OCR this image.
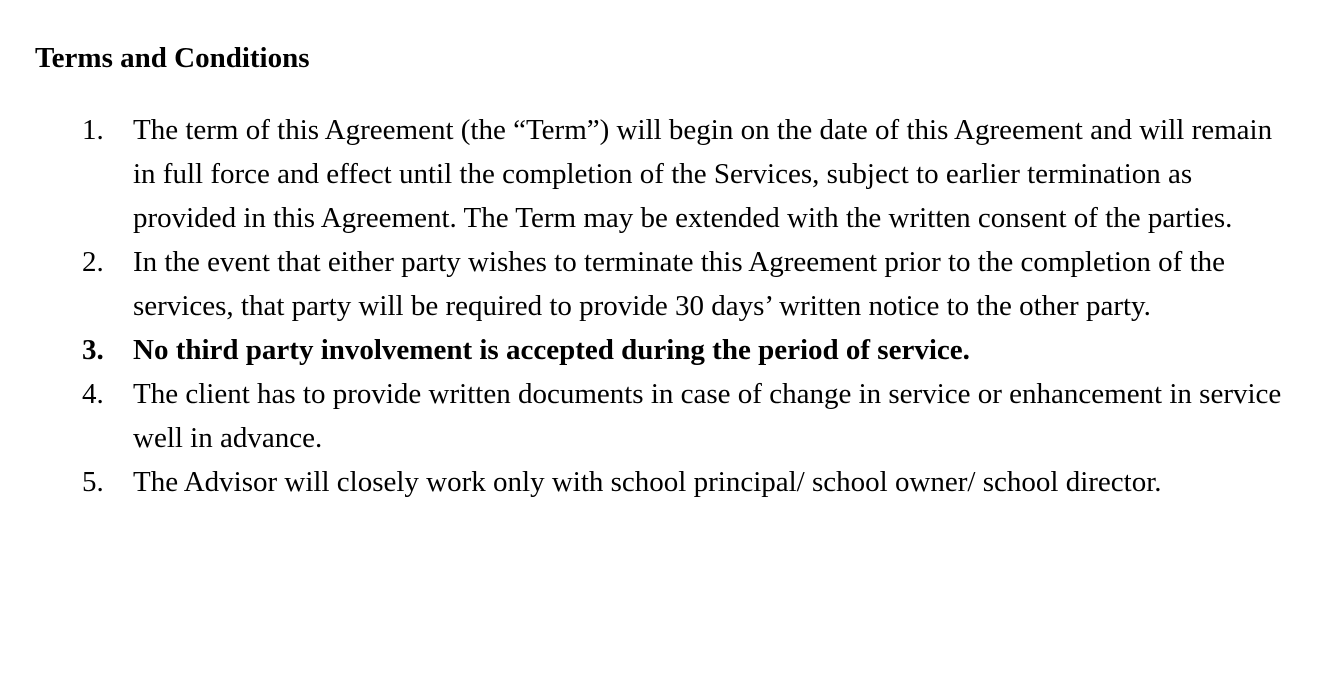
Terms and Conditions
1.	The term of this Agreement (the “Term”) will begin on the date of this Agreement and will remain in full force and effect until the completion of the Services, subject to earlier termination as provided in this Agreement. The Term may be extended with the written consent of the parties.
2.	In the event that either party wishes to terminate this Agreement prior to the completion of the services, that party will be required to provide 30 days’ written notice to the other party.
3.	No third party involvement is accepted during the period of service.
4.	The client has to provide written documents in case of change in service or enhancement in service well in advance.
5.	The Advisor will closely work only with school principal/ school owner/ school director.
